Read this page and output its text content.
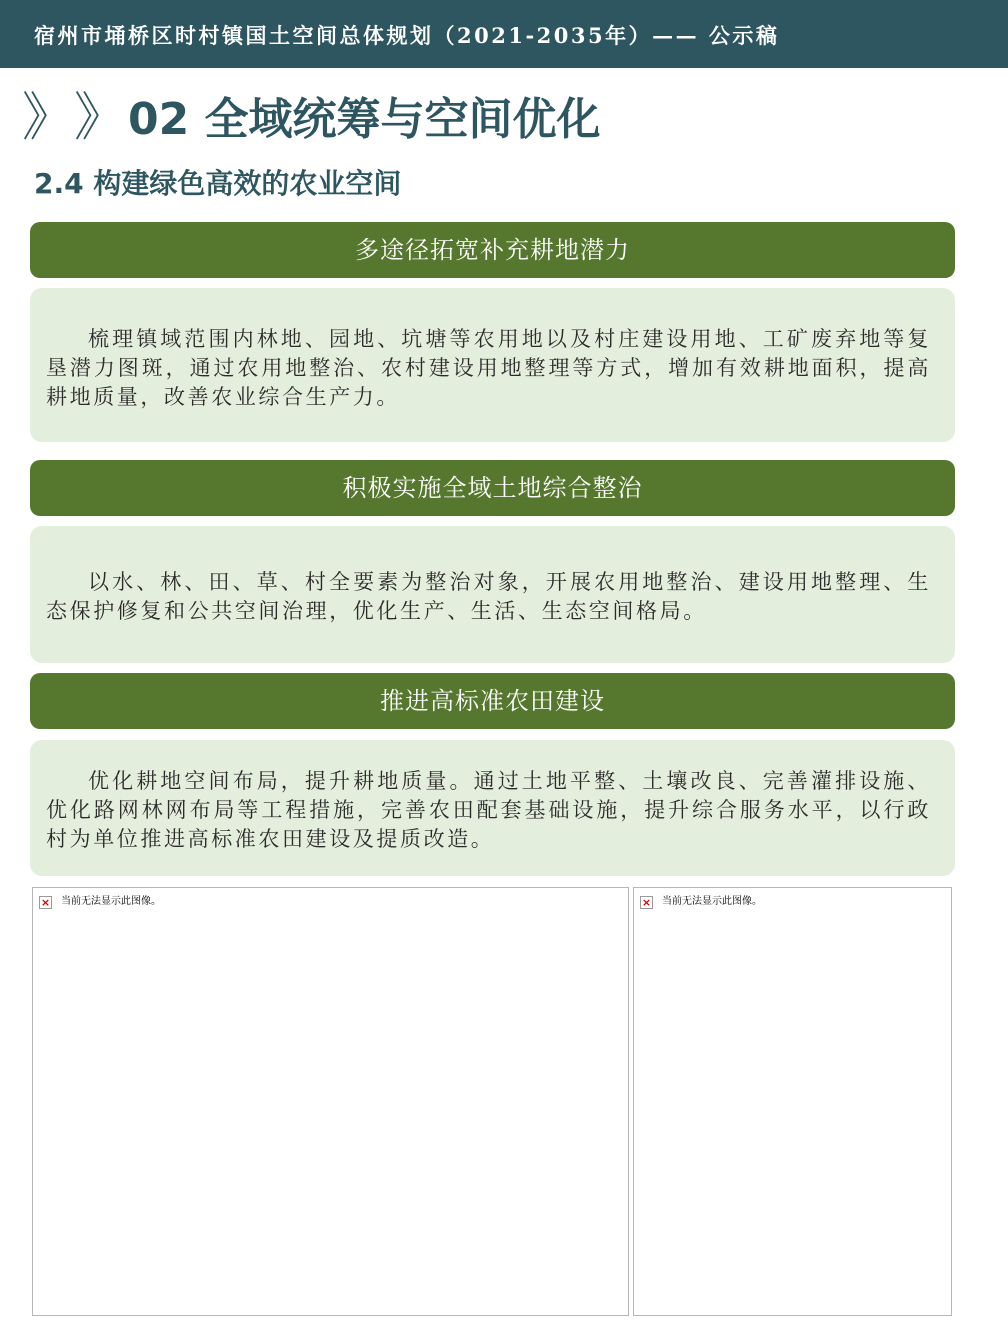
宿州市埇桥区时村镇国土空间总体规划（2021-2035年）—— 公示稿
》 》 02 全域统筹与空间优化
2.4 构建绿色高效的农业空间
多途径拓宽补充耕地潜力
梳理镇域范围内林地、园地、坑塘等农用地以及村庄建设用地、工矿废弃地等复垦潜力图斑，通过农用地整治、农村建设用地整理等方式，增加有效耕地面积，提高耕地质量，改善农业综合生产力。
积极实施全域土地综合整治
以水、林、田、草、村全要素为整治对象，开展农用地整治、建设用地整理、生态保护修复和公共空间治理，优化生产、生活、生态空间格局。
推进高标准农田建设
优化耕地空间布局，提升耕地质量。通过土地平整、土壤改良、完善灌排设施、优化路网林网布局等工程措施，完善农田配套基础设施，提升综合服务水平，以行政村为单位推进高标准农田建设及提质改造。
× 当前无法显示此图像。	× 当前无法显示此图像。
